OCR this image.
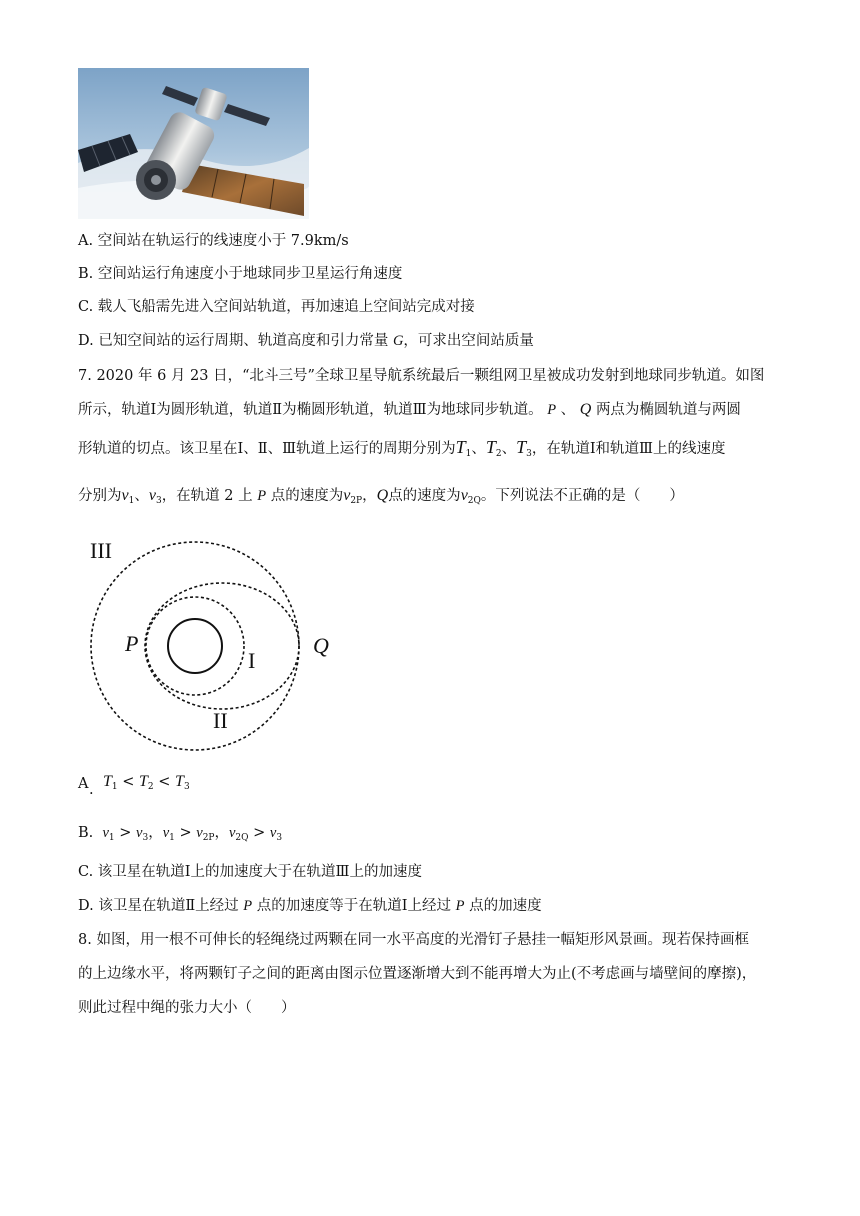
A. 空间站在轨运行的线速度小于 7.9km/s
B. 空间站运行角速度小于地球同步卫星运行角速度
C. 载人飞船需先进入空间站轨道，再加速追上空间站完成对接
D. 已知空间站的运行周期、轨道高度和引力常量 G，可求出空间站质量
7. 2020 年 6 月 23 日，“北斗三号”全球卫星导航系统最后一颗组网卫星被成功发射到地球同步轨道。如图
所示，轨道Ⅰ为圆形轨道，轨道Ⅱ为椭圆形轨道，轨道Ⅲ为地球同步轨道。 P 、 Q 两点为椭圆轨道与两圆
形轨道的切点。该卫星在Ⅰ、Ⅱ、Ⅲ轨道上运行的周期分别为$T_1$、$T_2$、$T_3$，在轨道Ⅰ和轨道Ⅲ上的线速度
分别为$v_1$、$v_3$，在轨道 2 上 P 点的速度为$v_{2P}$，Q点的速度为$v_{2Q}$。下列说法不正确的是（　　）
III
I
II
P	Q
A . $T_1 < T_2 < T_3$
B. $v_1 > v_3$，$v_1 > v_{2P}$，$v_{2Q} > v_3$
C. 该卫星在轨道Ⅰ上的加速度大于在轨道Ⅲ上的加速度
D. 该卫星在轨道Ⅱ上经过 P 点的加速度等于在轨道Ⅰ上经过 P 点的加速度
8. 如图，用一根不可伸长的轻绳绕过两颗在同一水平高度的光滑钉子悬挂一幅矩形风景画。现若保持画框
的上边缘水平，将两颗钉子之间的距离由图示位置逐渐增大到不能再增大为止(不考虑画与墙壁间的摩擦)，
则此过程中绳的张力大小（　　）
